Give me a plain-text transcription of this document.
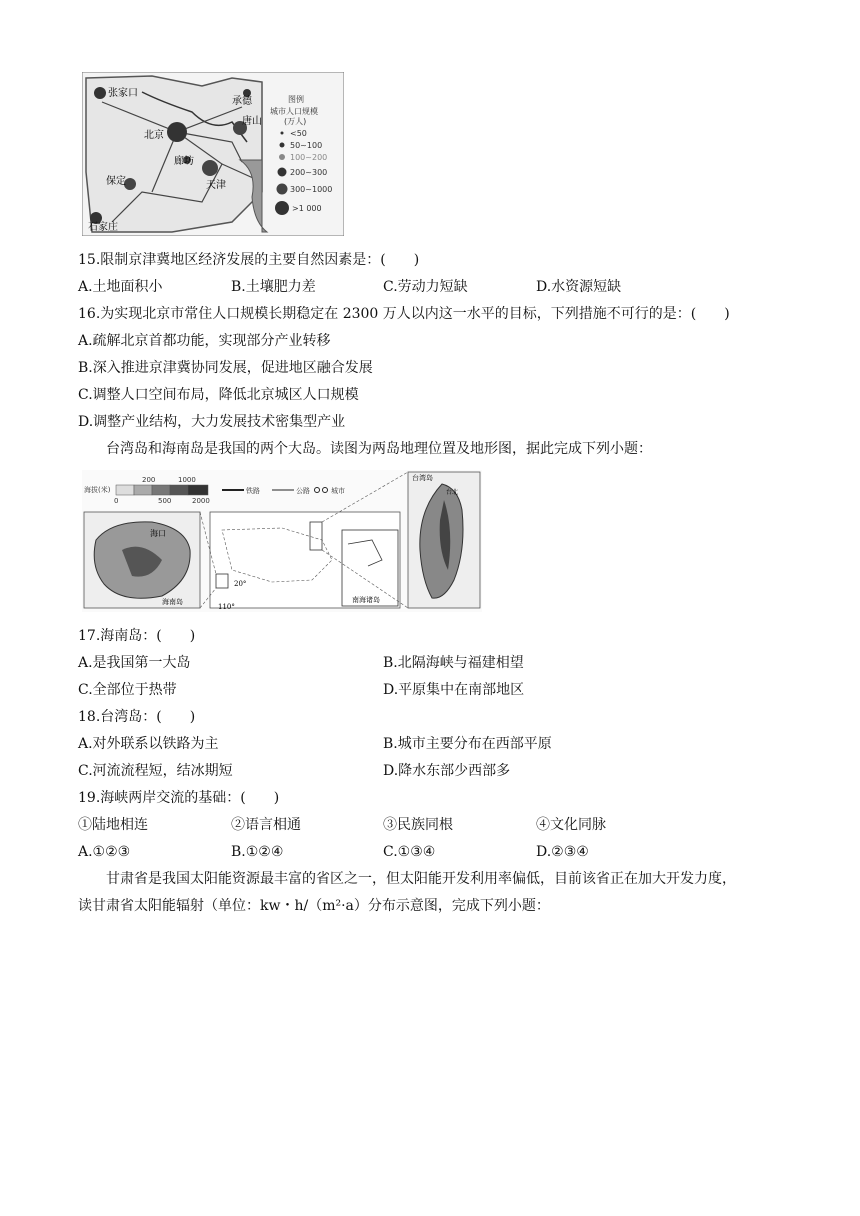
张家口
承德
北京
唐山
廊坊
天津
保定
石家庄
图例
城市人口规模
(万人)
<50
50~100
100~200
200~300
300~1000
>1 000
15.限制京津冀地区经济发展的主要自然因素是：(　　)
A.土地面积小	B.土壤肥力差	C.劳动力短缺	D.水资源短缺
16.为实现北京市常住人口规模长期稳定在 2300 万人以内这一水平的目标，下列措施不可行的是：(　　)
A.疏解北京首都功能，实现部分产业转移
B.深入推进京津冀协同发展，促进地区融合发展
C.调整人口空间布局，降低北京城区人口规模
D.调整产业结构，大力发展技术密集型产业
台湾岛和海南岛是我国的两个大岛。读图为两岛地理位置及地形图，据此完成下列小题：
海拔(米)
200	1000
0	500	2000
铁路	公路	城市
海口
海南岛
20°
110°
南海诸岛
台湾岛
台北
17.海南岛：(　　)
A.是我国第一大岛	B.北隔海峡与福建相望
C.全部位于热带	D.平原集中在南部地区
18.台湾岛：(　　)
A.对外联系以铁路为主	B.城市主要分布在西部平原
C.河流流程短，结冰期短	D.降水东部少西部多
19.海峡两岸交流的基础：(　　)
①陆地相连	②语言相通	③民族同根	④文化同脉
A.①②③	B.①②④	C.①③④	D.②③④
甘肃省是我国太阳能资源最丰富的省区之一，但太阳能开发利用率偏低，目前该省正在加大开发力度，
读甘肃省太阳能辐射（单位：kw・h/（m²·a）分布示意图，完成下列小题：
